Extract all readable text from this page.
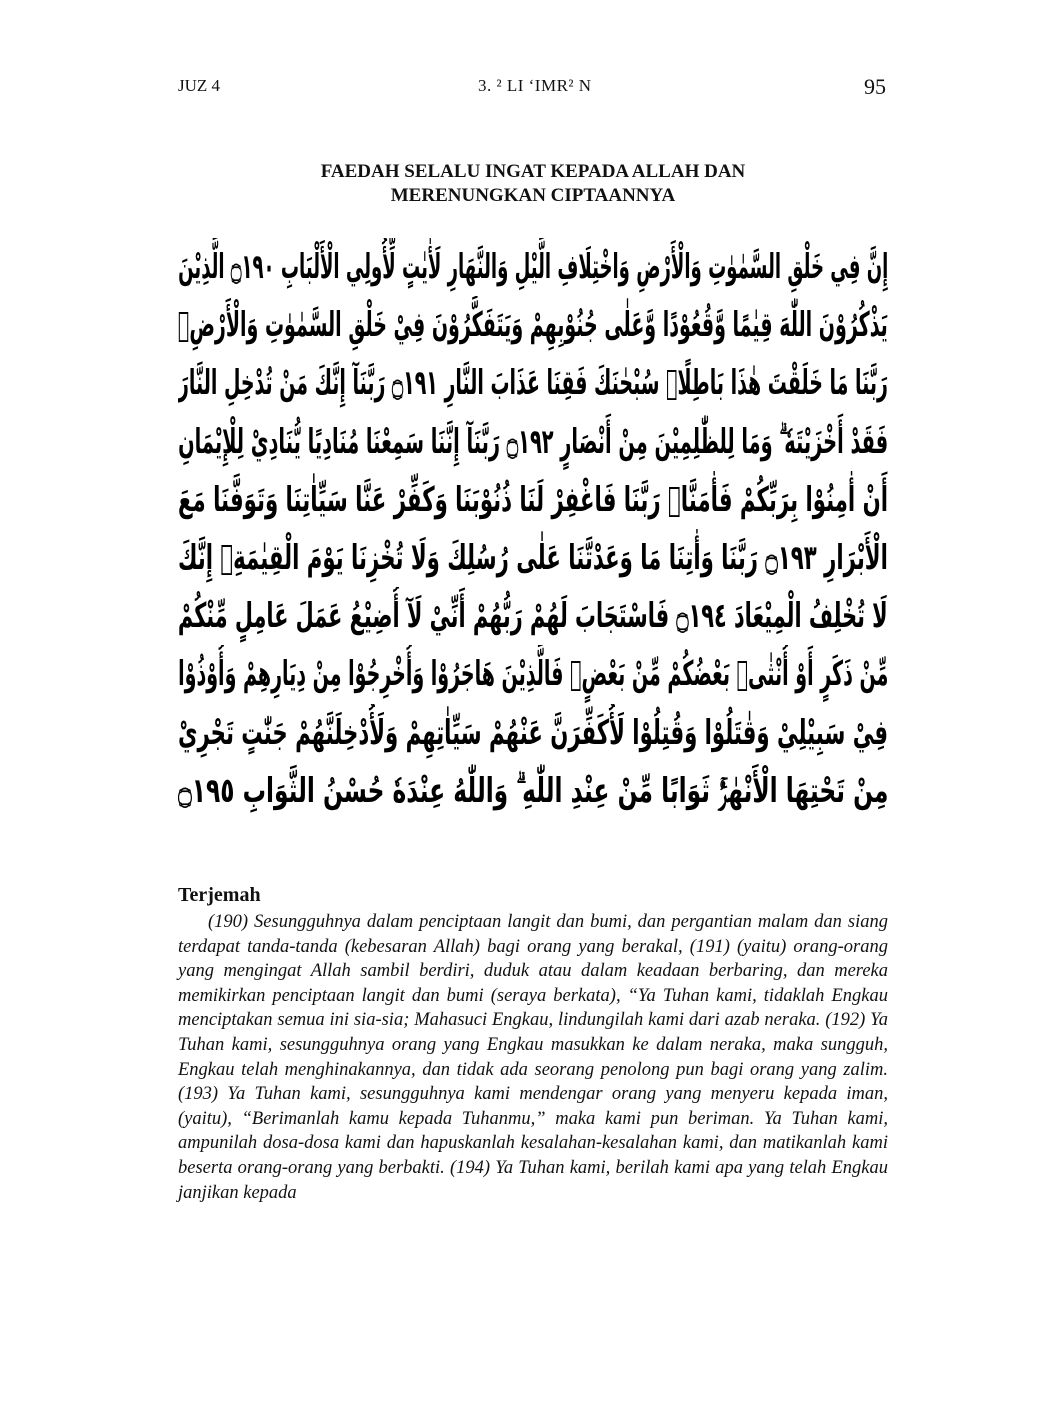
JUZ 4	3. ² LI ‘IMR² N	95
FAEDAH SELALU INGAT KEPADA ALLAH DAN
MERENUNGKAN CIPTAANNYA
إِنَّ فِي خَلْقِ السَّمٰوٰتِ وَالْأَرْضِ وَاخْتِلَافِ الَّيْلِ وَالنَّهَارِ لَأٰيٰتٍ لِّأُولِي الْأَلْبَابِ ۝١٩٠ الَّذِيْنَ
يَذْكُرُوْنَ اللّٰهَ قِيٰمًا وَّقُعُوْدًا وَّعَلٰى جُنُوْبِهِمْ وَيَتَفَكَّرُوْنَ فِيْ خَلْقِ السَّمٰوٰتِ وَالْأَرْضِۚ
رَبَّنَا مَا خَلَقْتَ هٰذَا بَاطِلًاۚ سُبْحٰنَكَ فَقِنَا عَذَابَ النَّارِ ۝١٩١ رَبَّنَآ إِنَّكَ مَنْ تُدْخِلِ النَّارَ
فَقَدْ أَخْزَيْتَهٗ ۗ وَمَا لِلظّٰلِمِيْنَ مِنْ أَنْصَارٍ ۝١٩٢ رَبَّنَآ إِنَّنَا سَمِعْنَا مُنَادِيًا يُّنَادِيْ لِلْإِيْمَانِ
أَنْ أٰمِنُوْا بِرَبِّكُمْ فَأٰمَنَّاۖ رَبَّنَا فَاغْفِرْ لَنَا ذُنُوْبَنَا وَكَفِّرْ عَنَّا سَيِّاٰتِنَا وَتَوَفَّنَا مَعَ
الْأَبْرَارِ ۝١٩٣ رَبَّنَا وَأٰتِنَا مَا وَعَدْتَّنَا عَلٰى رُسُلِكَ وَلَا تُخْزِنَا يَوْمَ الْقِيٰمَةِۗ إِنَّكَ
لَا تُخْلِفُ الْمِيْعَادَ ۝١٩٤ فَاسْتَجَابَ لَهُمْ رَبُّهُمْ أَنِّيْ لَآ أُضِيْعُ عَمَلَ عَامِلٍ مِّنْكُمْ
مِّنْ ذَكَرٍ أَوْ أُنْثٰىۚ بَعْضُكُمْ مِّنْ بَعْضٍۚ فَالَّذِيْنَ هَاجَرُوْا وَأُخْرِجُوْا مِنْ دِيَارِهِمْ وَأُوْذُوْا
فِيْ سَبِيْلِيْ وَقٰتَلُوْا وَقُتِلُوْا لَأُكَفِّرَنَّ عَنْهُمْ سَيِّاٰتِهِمْ وَلَأُدْخِلَنَّهُمْ جَنّٰتٍ تَجْرِيْ
مِنْ تَحْتِهَا الْأَنْهٰرُۚ ثَوَابًا مِّنْ عِنْدِ اللّٰهِ ۗ وَاللّٰهُ عِنْدَهٗ حُسْنُ الثَّوَابِ ۝١٩٥
Terjemah
(190) Sesungguhnya dalam penciptaan langit dan bumi, dan pergantian malam dan siang terdapat tanda-tanda (kebesaran Allah) bagi orang yang berakal, (191) (yaitu) orang-orang yang mengingat Allah sambil berdiri, duduk atau dalam keadaan berbaring, dan mereka memikirkan penciptaan langit dan bumi (seraya berkata), “Ya Tuhan kami, tidaklah Engkau menciptakan semua ini sia-sia; Mahasuci Engkau, lindungilah kami dari azab neraka. (192) Ya Tuhan kami, sesungguhnya orang yang Engkau masukkan ke dalam neraka, maka sungguh, Engkau telah menghinakannya, dan tidak ada seorang penolong pun bagi orang yang zalim. (193) Ya Tuhan kami, sesungguhnya kami mendengar orang yang menyeru kepada iman, (yaitu), “Berimanlah kamu kepada Tuhanmu,” maka kami pun beriman. Ya Tuhan kami, ampunilah dosa-dosa kami dan hapuskanlah kesalahan-kesalahan kami, dan matikanlah kami beserta orang-orang yang berbakti. (194) Ya Tuhan kami, berilah kami apa yang telah Engkau janjikan kepada
